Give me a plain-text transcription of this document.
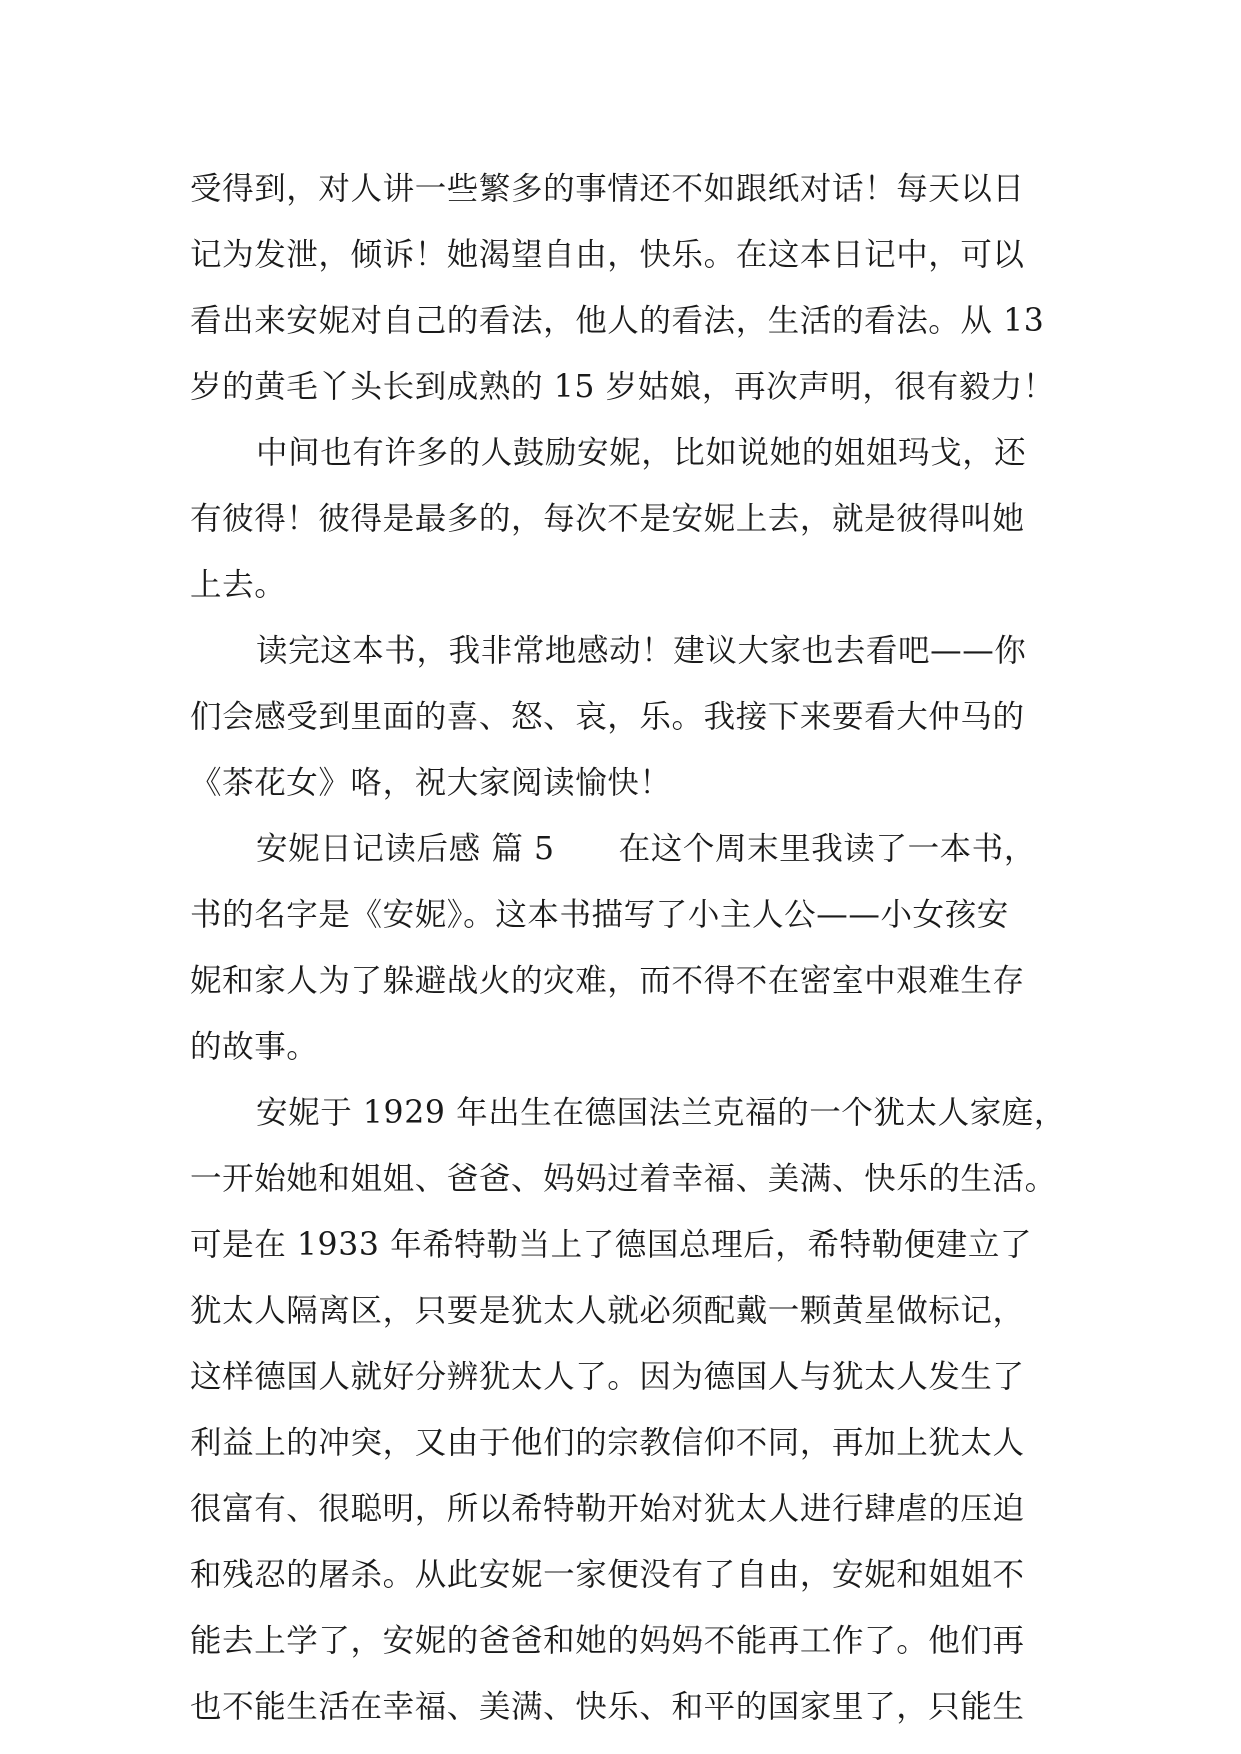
受得到，对人讲一些繁多的事情还不如跟纸对话！每天以日
记为发泄，倾诉！她渴望自由，快乐。在这本日记中，可以
看出来安妮对自己的看法，他人的看法，生活的看法。从 13
岁的黄毛丫头长到成熟的 15 岁姑娘，再次声明，很有毅力！
中间也有许多的人鼓励安妮，比如说她的姐姐玛戈，还
有彼得！彼得是最多的，每次不是安妮上去，就是彼得叫她
上去。
读完这本书，我非常地感动！建议大家也去看吧——你
们会感受到里面的喜、怒、哀，乐。我接下来要看大仲马的
《茶花女》咯，祝大家阅读愉快！
安妮日记读后感 篇 5 在这个周末里我读了一本书，
书的名字是《安妮》。这本书描写了小主人公——小女孩安
妮和家人为了躲避战火的灾难，而不得不在密室中艰难生存
的故事。
安妮于 1929 年出生在德国法兰克福的一个犹太人家庭，
一开始她和姐姐、爸爸、妈妈过着幸福、美满、快乐的生活。
可是在 1933 年希特勒当上了德国总理后，希特勒便建立了
犹太人隔离区，只要是犹太人就必须配戴一颗黄星做标记，
这样德国人就好分辨犹太人了。因为德国人与犹太人发生了
利益上的冲突，又由于他们的宗教信仰不同，再加上犹太人
很富有、很聪明，所以希特勒开始对犹太人进行肆虐的压迫
和残忍的屠杀。从此安妮一家便没有了自由，安妮和姐姐不
能去上学了，安妮的爸爸和她的妈妈不能再工作了。他们再
也不能生活在幸福、美满、快乐、和平的国家里了，只能生
